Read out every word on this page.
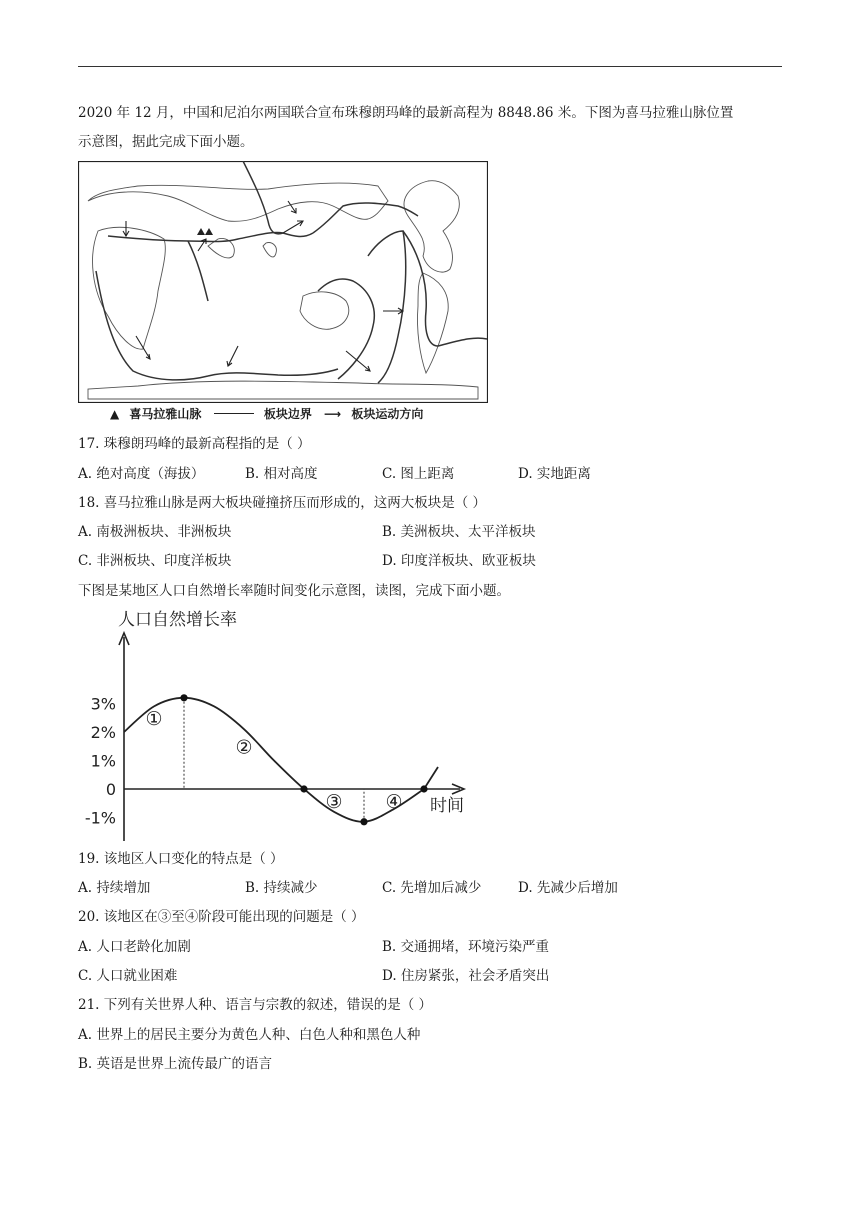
2020 年 12 月，中国和尼泊尔两国联合宣布珠穆朗玛峰的最新高程为 8848.86 米。下图为喜马拉雅山脉位置
示意图，据此完成下面小题。
▲ 喜马拉雅山脉	板块边界 ⟶ 板块运动方向
17. 珠穆朗玛峰的最新高程指的是（ ）
A. 绝对高度（海拔）	B. 相对高度	C. 图上距离	D. 实地距离
18. 喜马拉雅山脉是两大板块碰撞挤压而形成的，这两大板块是（ ）
A. 南极洲板块、非洲板块	B. 美洲板块、太平洋板块
C. 非洲板块、印度洋板块	D. 印度洋板块、欧亚板块
下图是某地区人口自然增长率随时间变化示意图，读图，完成下面小题。
人口自然增长率
时间
3%
2%
1%
0
-1%
①
②
③ ④
19. 该地区人口变化的特点是（ ）
A. 持续增加	B. 持续减少	C. 先增加后减少	D. 先减少后增加
20. 该地区在③至④阶段可能出现的问题是（ ）
A. 人口老龄化加剧	B. 交通拥堵，环境污染严重
C. 人口就业困难	D. 住房紧张，社会矛盾突出
21. 下列有关世界人种、语言与宗教的叙述，错误的是（ ）
A. 世界上的居民主要分为黄色人种、白色人种和黑色人种
B. 英语是世界上流传最广的语言
